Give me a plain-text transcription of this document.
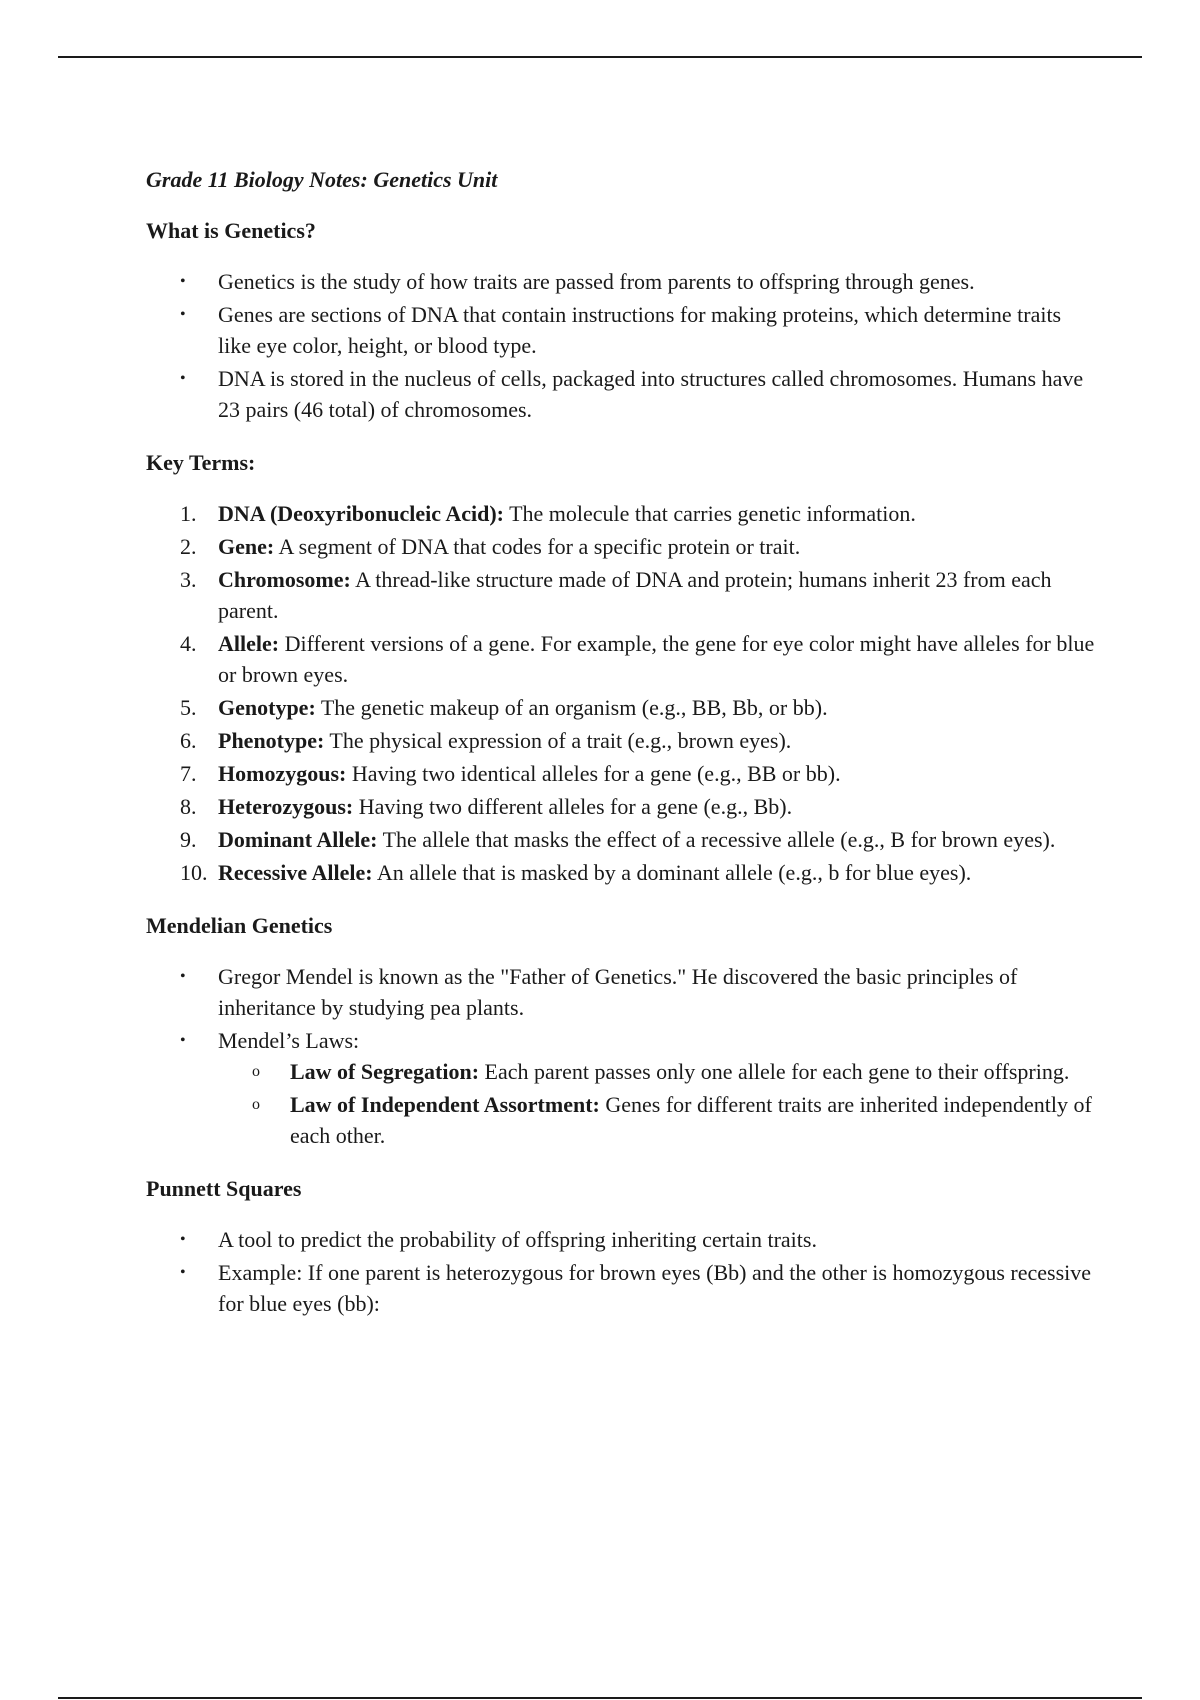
Grade 11 Biology Notes: Genetics Unit
What is Genetics?
• Genetics is the study of how traits are passed from parents to offspring through genes.
• Genes are sections of DNA that contain instructions for making proteins, which determine traits like eye color, height, or blood type.
• DNA is stored in the nucleus of cells, packaged into structures called chromosomes. Humans have 23 pairs (46 total) of chromosomes.
Key Terms:
1. DNA (Deoxyribonucleic Acid): The molecule that carries genetic information.
2. Gene: A segment of DNA that codes for a specific protein or trait.
3. Chromosome: A thread-like structure made of DNA and protein; humans inherit 23 from each parent.
4. Allele: Different versions of a gene. For example, the gene for eye color might have alleles for blue or brown eyes.
5. Genotype: The genetic makeup of an organism (e.g., BB, Bb, or bb).
6. Phenotype: The physical expression of a trait (e.g., brown eyes).
7. Homozygous: Having two identical alleles for a gene (e.g., BB or bb).
8. Heterozygous: Having two different alleles for a gene (e.g., Bb).
9. Dominant Allele: The allele that masks the effect of a recessive allele (e.g., B for brown eyes).
10. Recessive Allele: An allele that is masked by a dominant allele (e.g., b for blue eyes).
Mendelian Genetics
• Gregor Mendel is known as the "Father of Genetics." He discovered the basic principles of inheritance by studying pea plants.
• Mendel’s Laws:
o Law of Segregation: Each parent passes only one allele for each gene to their offspring.
o Law of Independent Assortment: Genes for different traits are inherited independently of each other.
Punnett Squares
• A tool to predict the probability of offspring inheriting certain traits.
• Example: If one parent is heterozygous for brown eyes (Bb) and the other is homozygous recessive for blue eyes (bb):
